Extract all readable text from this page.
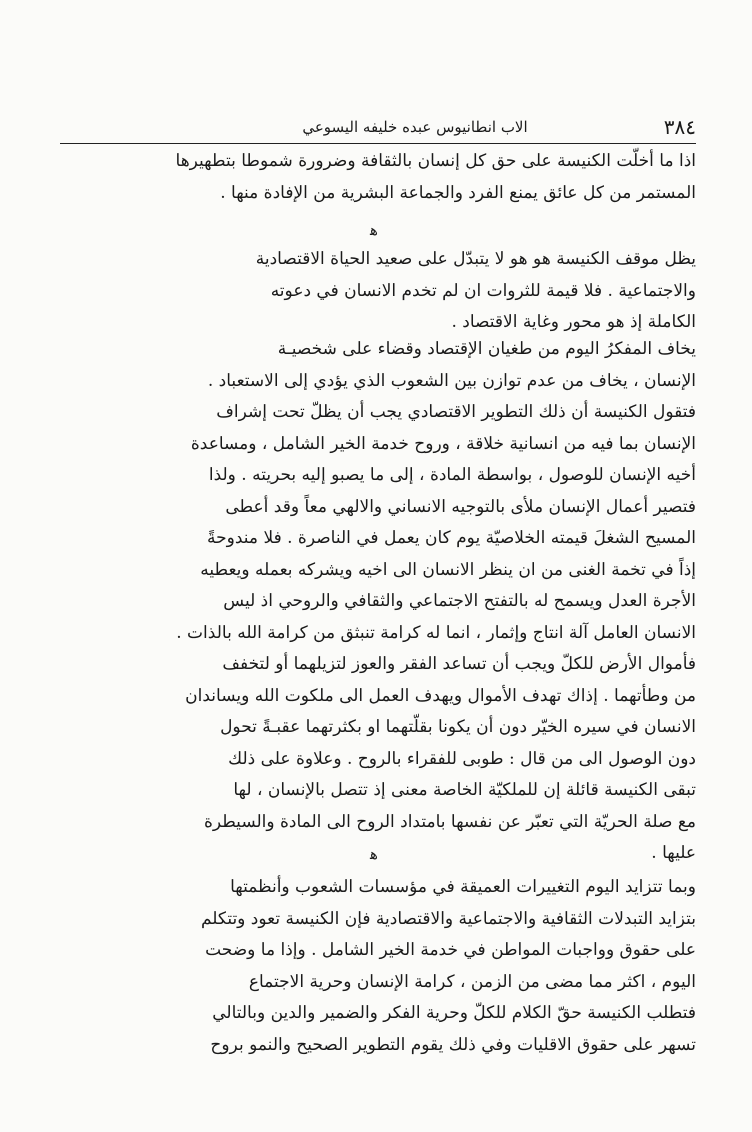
٣٨٤
الاب انطانيوس عبده خليفه اليسوعي
اذا ما أخلّت الكنيسة على حق كل إنسان بالثقافة وضرورة شموطا بتطهيرها
المستمر من كل عائق يمنع الفرد والجماعة البشرية من الإفادة منها .
ﻫ
يظل موقف الكنيسة هو هو لا يتبدّل على صعيد الحياة الاقتصادية
والاجتماعية . فلا قيمة للثروات ان لم تخدم الانسان في دعوته
الكاملة إذ هو محور وغاية الاقتصاد .
يخاف المفكرُ اليوم من طغيان الإقتصاد وقضاء على شخصيـة
الإنسان ، يخاف من عدم توازن بين الشعوب الذي يؤدي إلى الاستعباد .
فتقول الكنيسة أن ذلك التطوير الاقتصادي يجب أن يظلّ تحت إشراف
الإنسان بما فيه من انسانية خلاقة ، وروح خدمة الخير الشامل ، ومساعدة
أخيه الإنسان للوصول ، بواسطة المادة ، إلى ما يصبو إليه بحريته . ولذا
فتصير أعمال الإنسان ملأى بالتوجيه الانساني والالهي معاً وقد أعطى
المسيح الشغلَ قيمته الخلاصيّة يوم كان يعمل في الناصرة . فلا مندوحةً
إذاً في تخمة الغنى من ان ينظر الانسان الى اخيه ويشركه بعمله ويعطيه
الأجرة العدل ويسمح له بالتفتح الاجتماعي والثقافي والروحي اذ ليس
الانسان العامل آلة انتاج وإثمار ، انما له كرامة تنبثق من كرامة الله بالذات .
فأموال الأرض للكلّ ويجب أن تساعد الفقر والعوز لتزيلهما أو لتخفف
من وطأتهما . إذاك تهدف الأموال ويهدف العمل الى ملكوت الله ويساندان
الانسان في سيره الخيّر دون أن يكونا بقلّتهما او بكثرتهما عقبـةً تحول
دون الوصول الى من قال : طوبى للفقراء بالروح . وعلاوة على ذلك
تبقى الكنيسة قائلة إن للملكيّة الخاصة معنى إذ تتصل بالإنسان ، لها
مع صلة الحريّة التي تعبّر عن نفسها بامتداد الروح الى المادة والسيطرة
عليها .
ﻫ
وبما تتزايد اليوم التغييرات العميقة في مؤسسات الشعوب وأنظمتها
بتزايد التبدلات الثقافية والاجتماعية والاقتصادية فإن الكنيسة تعود وتتكلم
على حقوق وواجبات المواطن في خدمة الخير الشامل . وإذا ما وضحت
اليوم ، اكثر مما مضى من الزمن ، كرامة الإنسان وحرية الاجتماع
فتطلب الكنيسة حقّ الكلام للكلّ وحرية الفكر والضمير والدين وبالتالي
تسهر على حقوق الاقليات وفي ذلك يقوم التطوير الصحيح والنمو بروح
